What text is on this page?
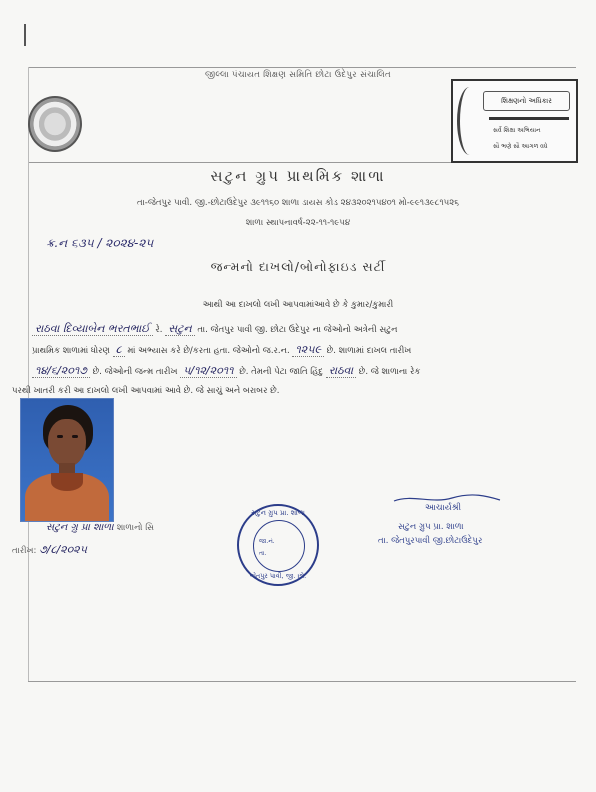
જીલ્લા પંચાયત શિક્ષણ સમિતિ છોટા ઉદેપુર સંચાલિત
શિક્ષણનો અધિકાર
સર્વે શિક્ષા અભિયાન
સૌ ભણે સૌ આગળ વધે
સટુન ગ્રુપ પ્રાથમિક શાળા
તા-જેતપુર પાવી. જી.-છોટાઉદેપુર ૩૯૧૧૬૦ શાળા ડાયસ કોડ ૨૪૩૨૦૨૧૫૪૦૧ મો-૯૯૧૩૯૮૧૫૨૬
શાળા સ્થાપનાવર્ષ-૨૨-૧૧-૧૯૫૪
ક્ર.ન ૬૩૫ / ૨૦૨૪-૨૫
જન્મનો દાખલો/બોનોફાઇડ સર્ટી
આથી આ દાખલો લખી આપવામાંઆવે છે કે કુમાર/કુમારી
રાઠવા દિવ્યાબેન ભરતભાઈ રે. સટુન તા. જેતપુર પાવી જી. છોટા ઉદેપુર ના જેઓનો અત્રેની સટુન
પ્રાથમિક શાળામાં ધોરણ ૮ માં અભ્યાસ કરે છે/કરતા હતા. જેઓનો જ.ર.ન. ૧૨૫૯ છે. શાળામાં દાખલ તારીખ
૧૪/૬/૨૦૧૭ છે. જેઓની જન્મ તારીખ ૫/૧૨/૨૦૧૧ છે. તેમની પેટા જાતિ હિંદુ રાઠવા છે. જે શાળાના રેક
પરથી ખાતરી કરી આ દાખલો લખી આપવામાં આવે છે. જે સાચું અને બરાબર છે.
સટુન ગ્રુ પ્રા શાળા શાળાનો સિ
તારીખ: ૭/૮/૨૦૨૫
સટુન ગ્રુપ પ્રા. શાળા
જા.નં.
તા.
જેતપુર પાવી, જી. છો.
આચાર્યશ્રી
સટુન ગ્રુપ પ્રા. શાળા
તા. જેતપુરપાવી જી.છોટાઉદેપુર
